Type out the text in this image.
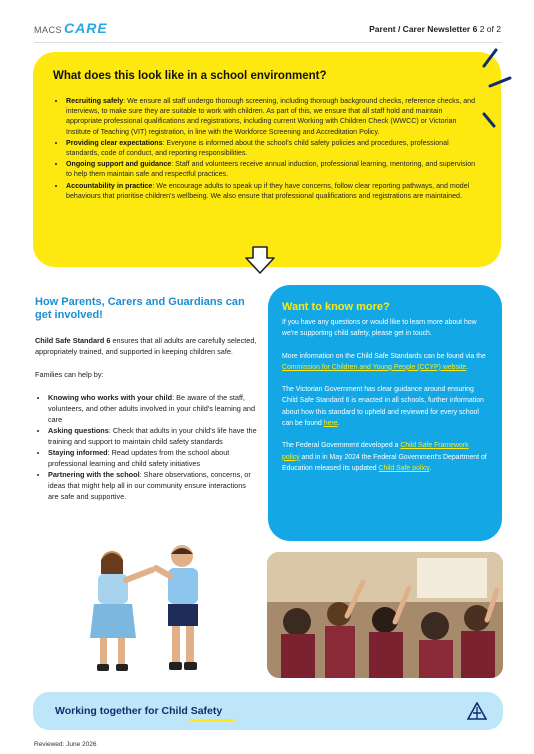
MACS CARE	Parent / Carer Newsletter 6 2 of 2
What does this look like in a school environment?
• Recruiting safely: We ensure all staff undergo thorough screening, including thorough background checks, reference checks, and interviews, to make sure they are suitable to work with children. As part of this, we ensure that all staff hold and maintain appropriate professional qualifications and registrations, including current Working with Children Check (WWCC) or Victorian Institute of Teaching (VIT) registration, in line with the Workforce Screening and Accreditation Policy.
• Providing clear expectations: Everyone is informed about the school's child safety policies and procedures, professional standards, code of conduct, and reporting responsibilities.
• Ongoing support and guidance: Staff and volunteers receive annual induction, professional learning, mentoring, and supervision to help them maintain safe and respectful practices.
• Accountability in practice: We encourage adults to speak up if they have concerns, follow clear reporting pathways, and model behaviours that prioritise children's wellbeing. We also ensure that professional qualifications and registrations are maintained.
How Parents, Carers and Guardians can get involved!

Child Safe Standard 6 ensures that all adults are carefully selected, appropriately trained, and supported in keeping children safe.

Families can help by:

• Knowing who works with your child: Be aware of the staff, volunteers, and other adults involved in your child's learning and care
• Asking questions: Check that adults in your child's life have the training and support to maintain child safety standards
• Staying informed: Read updates from the school about professional learning and child safety initiatives
• Partnering with the school: Share observations, concerns, or ideas that might help all in our community ensure interactions are safe and supportive.
Want to know more?

If you have any questions or would like to learn more about how we're supporting child safety, please get in touch.

More information on the Child Safe Standards can be found via the Commission for Children and Young People (CCYP) website.

The Victorian Government has clear guidance around ensuring Child Safe Standard 6 is enacted in all schools, further information about how this standard to upheld and reviewed for every school can be found here.

The Federal Government developed a Child Safe Framework policy and in in May 2024 the Federal Government's Department of Education released its updated Child Safe policy.

Working together for Child Safety
Reviewed: June 2026
